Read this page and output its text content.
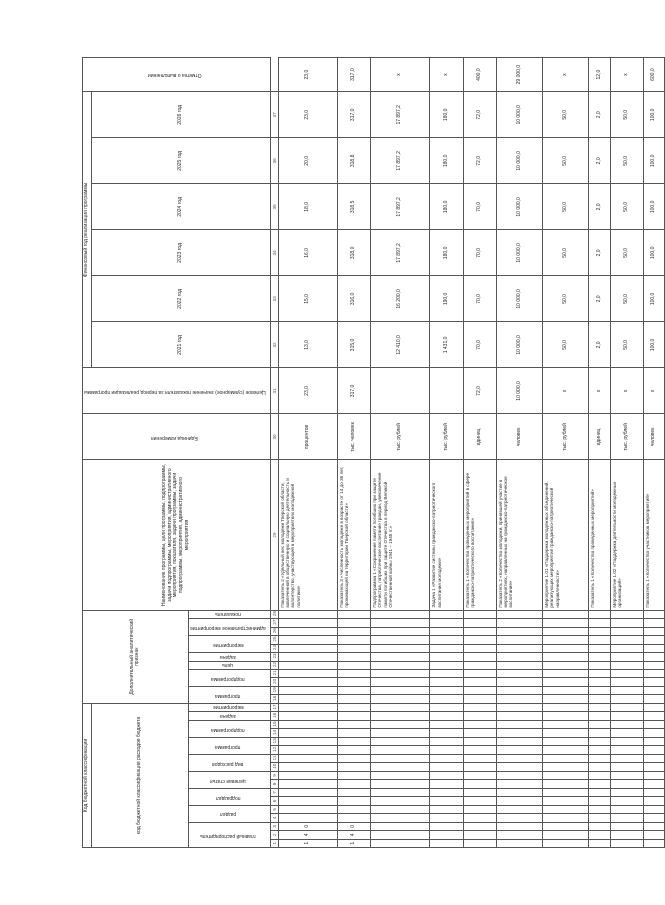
Код бюджетной классификации																	Дополнительный аналитический признак											Наименование программы, цели программы, подпрограммы, задачи подпрограммы, мероприятия, административного мероприятия, показателя, задачи программы, задачи подпрограммы, мероприятия, административного мероприятия	Единица измерения	Целевое (суммарное) значение показателя за период реализации программы	Финансовый год реализации программы						Отметка о выполнении
код бюджетной классификации расходов бюджета																															2021 год	2022 год	2023 год	2024 год	2025 год	2026 год	
главный распорядитель			раздел		подраздел		целевая статья		вид расходов		программа		подпрограмма		задача	мероприятие	программа		подпрограмма		цель	задача	мероприятие		административное мероприятие		показатель										
1	2	3	4	5	6	7	8	9	10	11	12	13	14	15	16	17	18	19	20	21	22	23	24	25	26	27	28	29	30	31	32	33	34	35	36	37	
1	4	0																										Показатель 2 «Удельный вес молодежи Тверской области, вовлеченной в общественную и социальную деятельность и волонтерство, участвующей в мероприятиях молодежной политики»	процентов	23,0	13,0	15,0	16,0	18,0	20,0	23,0	23,0
1	4	0																										Показатель 3 «Численность молодежи в возрасте от 14 до 35 лет, проживающей на территории Тверской области»	тыс. человек	317,0	315,0	316,0	318,0	318,5	318,8	317,0	317,0
																												Подпрограмма 1 «Сохранение памяти погибших при защите Отечества, патриотическое воспитание граждан, увековечение памяти погибших при защите Отечества в период Великой Отечественной войны 1941 – 1945 гг.»	тыс. рублей		12 410,0	16 200,0	17 897,2	17 897,2	17 897,2	17 897,2	x
																												Задача 1 «Развитие системы гражданско-патриотического воспитания молодежи»	тыс. рублей		1 431,0	190,0	180,0	180,0	180,0	180,0	x
																												Показатель 1 «Количество проведенных мероприятий в сфере гражданско-патриотического воспитания»	единиц	72,0	70,0	70,0	70,0	70,0	72,0	72,0	400,0
																												Показатель 2 «Количество молодежи, принявшей участие в мероприятиях, направленных на гражданско-патриотическое воспитание»	человек	10 000,0	10 000,0	10 000,0	10 000,0	10 000,0	10 000,0	10 000,0	29 000,0
																												Мероприятие 1.01 «Поддержка молодежных объединений, реализующих мероприятия гражданско-патриотической направленности»	тыс. рублей	x	50,0	50,0	50,0	50,0	50,0	50,0	x
																												Показатель 1 «Количество проведенных мероприятий»	единиц	x	2,0	2,0	2,0	2,0	2,0	2,0	12,0
																												Мероприятие 1.02 «Поддержка деятельности молодежных организаций»	тыс. рублей	x	50,0	50,0	50,0	50,0	50,0	50,0	x
																												Показатель 1 «Количество участников мероприятий»	человек	x	100,0	100,0	100,0	100,0	100,0	100,0	600,0
